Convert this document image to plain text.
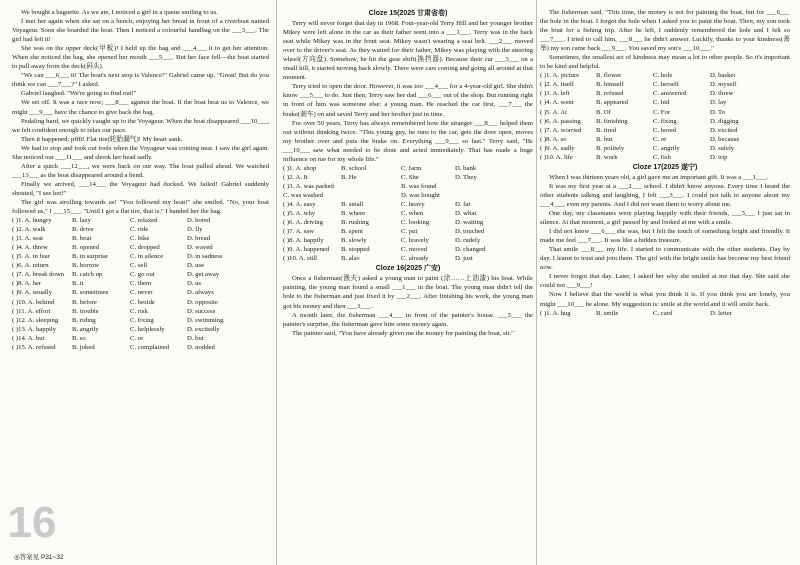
We bought a baguette. As we ate, I noticed a girl in a queue smiling to us.

I met her again when she sat on a bench, enjoying her bread in front of a riverboat named Voyageur. Soon she boarded the boat. Then I noticed a colourful handbag on the ___3___. The girl had left it!

She was on the upper deck(甲板)! I held up the bag and ___4___ it to get her attention. When she noticed the bag, she opened her mouth ___5___. But her face fell—the boat started to pull away from the deck(码头).

"We can ___6___ it! The boat's next stop is Valence!" Gabriel came up. "Great! But do you think we can ___7___?" I asked.

Gabriel laughed. "We're going to find out!"

We set off. It was a race now; ___8___ against the boat. If the boat beat us to Valence, we might ___9___ have the chance to give back the bag.

Pedaling hard, we quickly caught up to the Voyageur. When the boat disappeared ___10___, we felt confident enough to relax our pace.

Then it happened; pffft! Flat tire(轮胎漏气)! My heart sank.

We had to stop and took out tools when the Voyageur was coming near. I saw the girl again. She noticed our ___11___ and shook her head sadly.

After a quick ___12___, we were back on our way. The boat pulled ahead. We watched ___13___ as the boat disappeared around a bend.

Finally we arrived, ___14___ the Voyageur had docked. We failed! Gabriel suddenly shouted, "I see her!"

The girl was strolling towards us! "You followed my boat!" she smiled. "No, your boat followed us," I ___15___. "Until I got a flat tire, that is." I handed her the bag.

( )1. A. hungry	B. lazy	C. relaxed	D. bored
( )2. A. walk	B. drive	C. ride	D. fly
( )3. A. seat	B. boat	C. bike	D. bread
( )4. A. threw	B. opened	C. dropped	D. waved
( )5. A. in fear	B. in surprise	C. in silence	D. in sadness
( )6. A. return	B. borrow	C. sell	D. use
( )7. A. break down	B. catch up	C. go out	D. get away
( )8. A. her	B. it	C. them	D. us
( )9. A. usually	B. sometimes	C. never	D. always
( )10. A. behind	B. before	C. beside	D. opposite
( )11. A. effort	B. trouble	C. risk	D. success
( )12. A. sleeping	B. riding	C. fixing	D. swimming
( )13. A. happily	B. angrily	C. helplessly	D. excitedly
( )14. A. but	B. so	C. or	D. but
( )15. A. refused	B. joked	C. complained	D. nodded
Cloze 15(2025 甘肃省卷)

Terry will never forget that day in 1968. Four-year-old Terry Hill and her younger brother Mikey were left alone in the car as their father went into a ___1___. Terry was in the back seat while Mikey was in the front seat. Mikey wasn't wearing a seat belt. ___2___ moved over to the driver's seat. As they waited for their father, Mikey was playing with the steering wheel(方向盘). Somehow, he hit the gear shift(换挡器). Because their car ___3___ on a small hill, it started moving back slowly. There were cars coming and going all around at that moment.

Terry tried to open the door. However, it was too ___4___ for a 4-year-old girl. She didn't know ___5___ to do. Just then, Terry saw her dad ___6___ out of the shop. But running right in front of him was someone else: a young man. He reached the car first, ___7___ the brake(刹车) on and saved Terry and her brother just in time.

For over 50 years, Terry has always remembered how the stranger ___8___ helped them out without thinking twice. "This young guy, he runs to the car, gets the door open, moves my brother over and puts the brake on. Everything ___9___ so fast." Terry said, "He ___10___ saw what needed to be done and acted immediately. That has made a huge influence on me for my whole life."

( )1. A. shop	B. school	C. farm	D. bank
( )2. A. It	B. He	C. She	D. They
( )3. A. was parked	B. was found
C. was washed	D. was bought
( )4. A. easy	B. small	C. heavy	D. far
( )5. A. why	B. where	C. when	D. what
( )6. A. driving	B. rushing	C. looking	D. waiting
( )7. A. saw	B. spent	C. put	D. touched
( )8. A. happily	B. slowly	C. bravely	D. rudely
( )9. A. happened	B. stopped	C. moved	D. changed
( )10. A. still	B. also	C. already	D. just
Cloze 16(2025 广安)

Once a fisherman(渔夫) asked a young man to paint (涂……上油漆) his boat. While painting, the young man found a small ___1___ in the boat. The young man didn't tell the hole to the fisherman and just fixed it by ___2___. After finishing his work, the young man got his money and then ___3___.

A month later, the fisherman ___4___ in front of the painter's house. ___5___ the painter's surprise, the fisherman gave him some money again.

The painter said, "You have already given me the money for painting the boat, sir."

The fisherman said, "This time, the money is not for painting the boat, but for ___6___ the hole in the boat. I forgot the hole when I asked you to paint the boat. Then, my son took the boat for a fishing trip. After he left, I suddenly remembered the hole and I felt so ___7___. I tried to call him, ___8___ he didn't answer. Luckily, thanks to your kindness(善举) my son came back ___9___. You saved my son's ___10___."

Sometimes, the smallest act of kindness may mean a lot to other people. So it's important to be kind and helpful.

( )1. A. picture	B. flower	C. hole	D. basket
( )2. A. itself	B. himself	C. herself	D. myself
( )3. A. left	B. refused	C. answered	D. threw
( )4. A. went	B. appeared	C. hid	D. lay
( )5. A. At	B. Of	C. For	D. To
( )6. A. passing	B. finishing	C. fixing	D. digging
( )7. A. worried	B. tired	C. bored	D. excited
( )8. A. so	B. but	C. or	D. because
( )9. A. sadly	B. politely	C. angrily	D. safely
( )10. A. life	B. work	C. fish	D. trip
Cloze 17(2025 遂宁)

When I was thirteen years old, a girl gave me an important gift. It was a ___1___.

It was my first year at a ___2___ school. I didn't know anyone. Every time I heard the other students talking and laughing, I felt ___3___. I could not talk to anyone about my ___4___, even my parents. And I did not want them to worry about me.

One day, my classmates were playing happily with their friends, ___5___ I just sat in silence. At that moment, a girl passed by and looked at me with a smile.

I did not know ___6___ she was, but I felt the touch of something bright and friendly. It made me feel ___7___. It was like a hidden treasure.

That smile ___8___ my life. I started to communicate with the other students. Day by day, I learnt to trust and join them. The girl with the bright smile has become my best friend now.

I never forgot that day. Later, I asked her why she smiled at me that day. She said she could not ___9___!

Now I believe that the world is what you think it is. If you think you are lonely, you might ___10___ be alone. My suggestion is: smile at the world and it will smile back.

( )1. A. hug	B. smile	C. card	D. letter
16
◎答案见 P31~32
